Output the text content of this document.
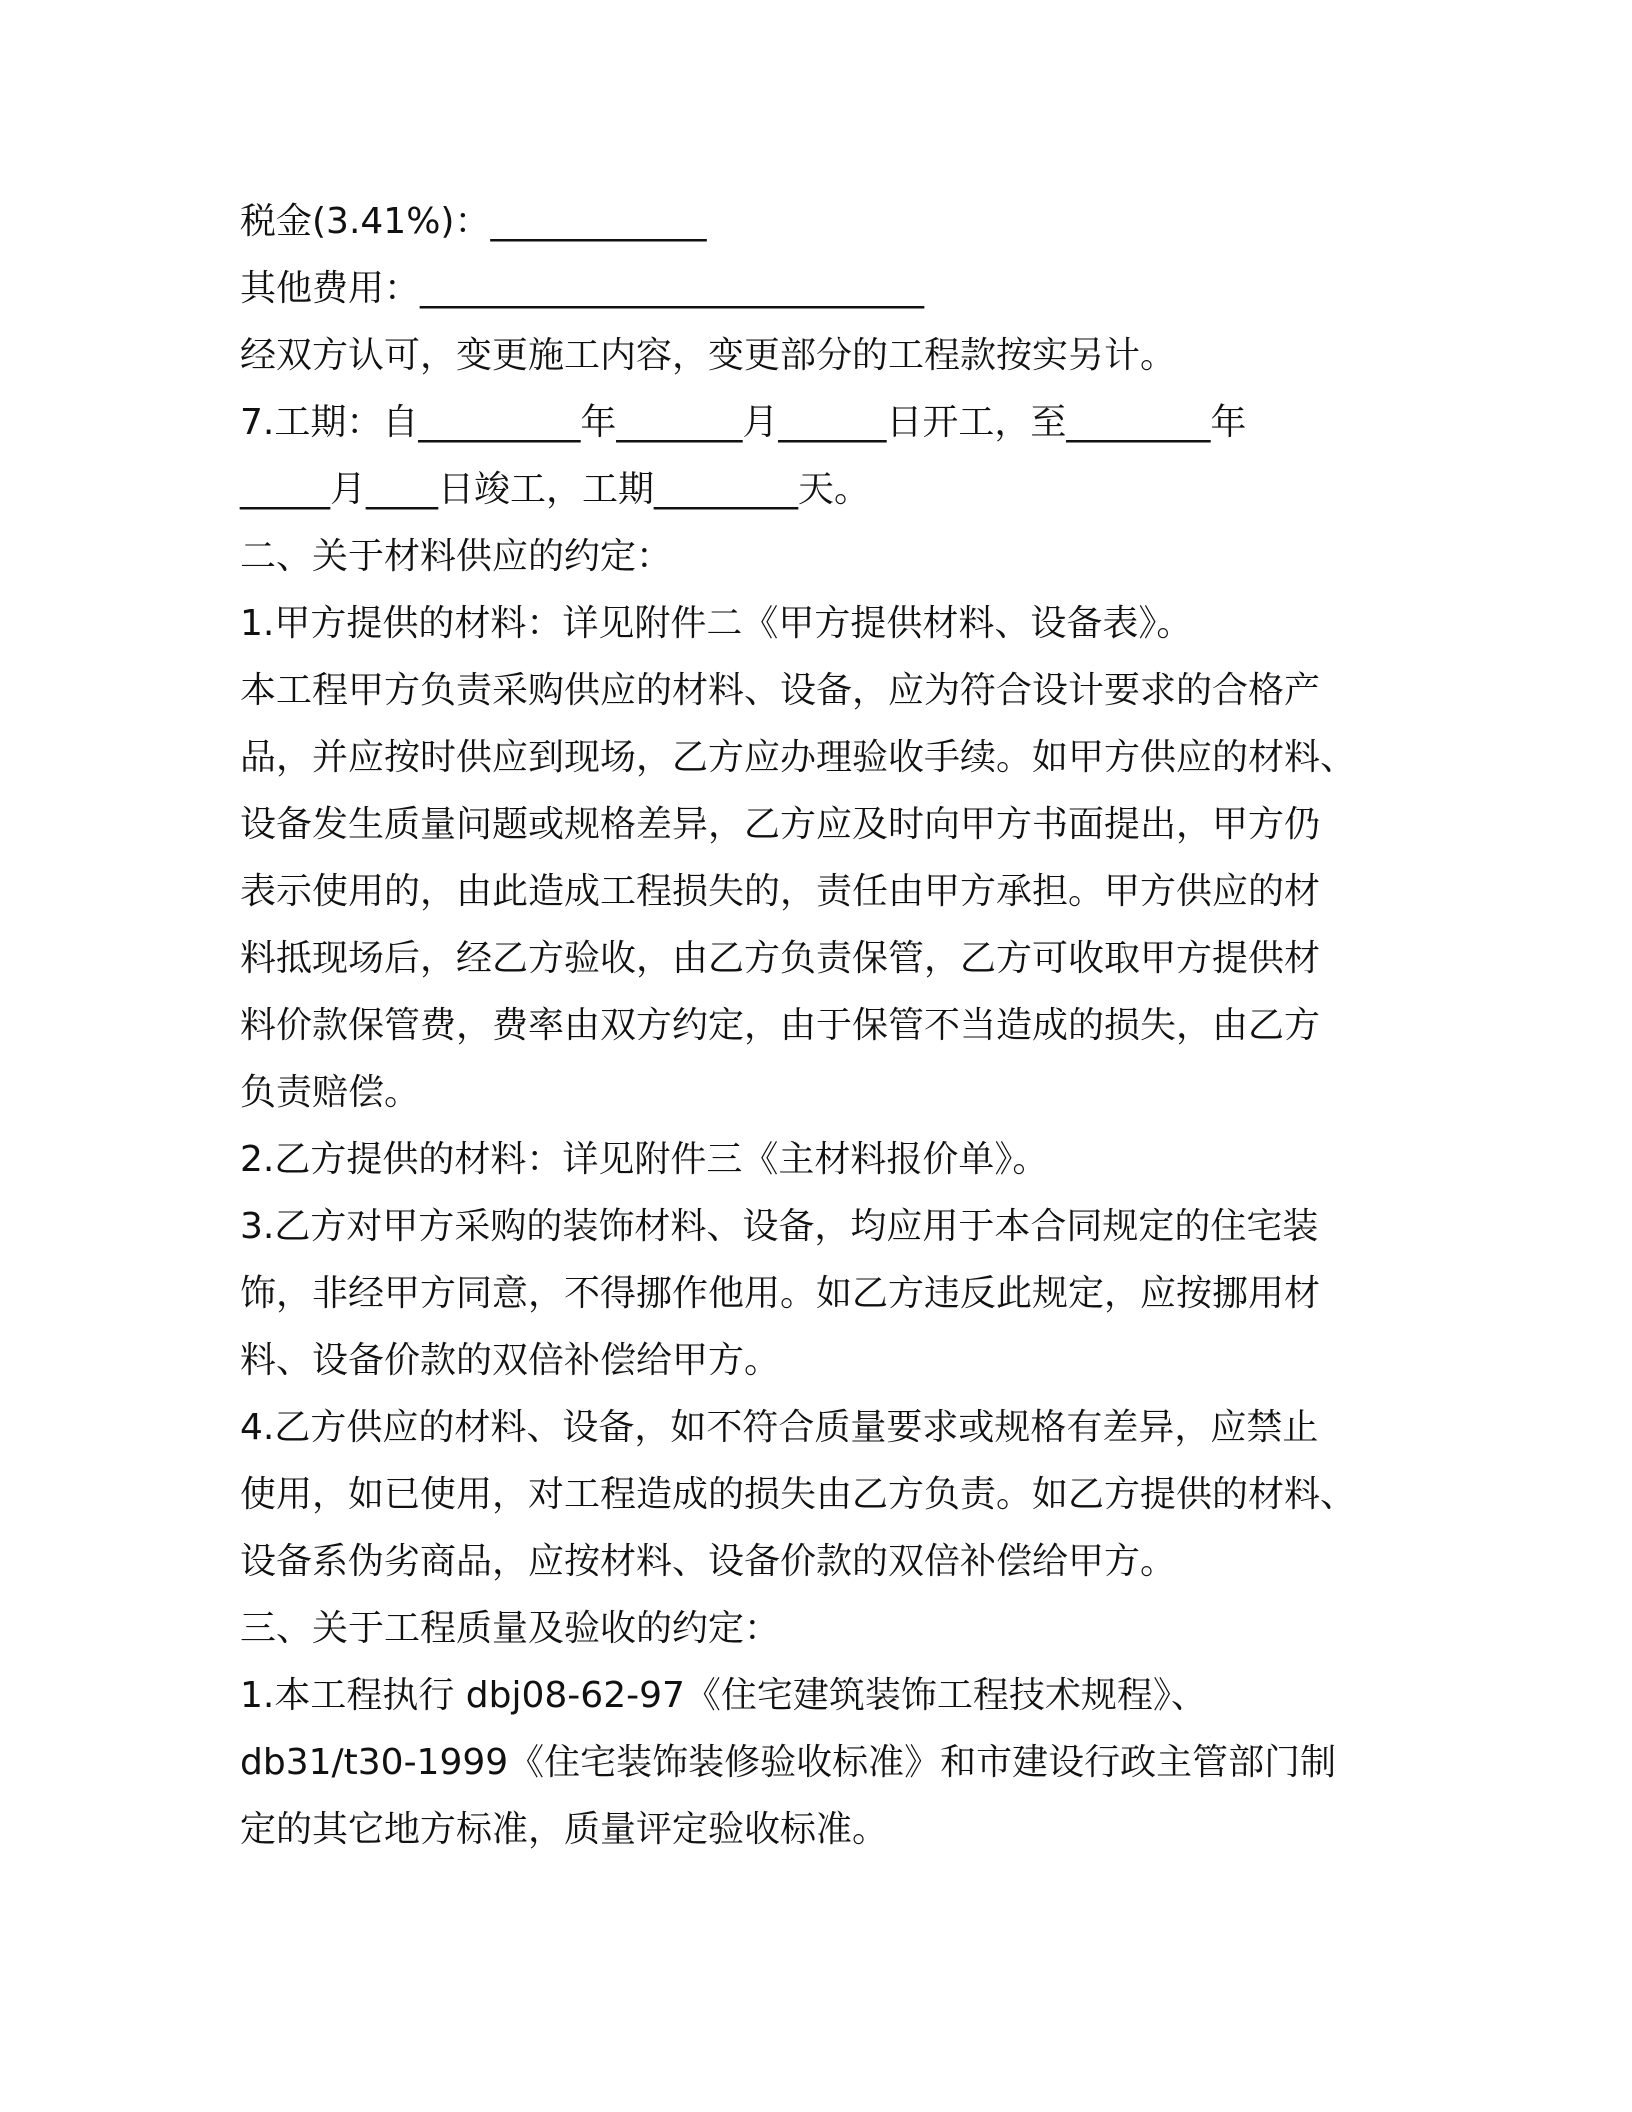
税金(3.41%)：____________
其他费用：____________________________
经双方认可，变更施工内容，变更部分的工程款按实另计。
7.工期：自_________年_______月______日开工，至________年
_____月____日竣工，工期________天。
二、关于材料供应的约定：
1.甲方提供的材料：详见附件二《甲方提供材料、设备表》。
本工程甲方负责采购供应的材料、设备，应为符合设计要求的合格产
品，并应按时供应到现场，乙方应办理验收手续。如甲方供应的材料、
设备发生质量问题或规格差异，乙方应及时向甲方书面提出，甲方仍
表示使用的，由此造成工程损失的，责任由甲方承担。甲方供应的材
料抵现场后，经乙方验收，由乙方负责保管，乙方可收取甲方提供材
料价款保管费，费率由双方约定，由于保管不当造成的损失，由乙方
负责赔偿。
2.乙方提供的材料：详见附件三《主材料报价单》。
3.乙方对甲方采购的装饰材料、设备，均应用于本合同规定的住宅装
饰，非经甲方同意，不得挪作他用。如乙方违反此规定，应按挪用材
料、设备价款的双倍补偿给甲方。
4.乙方供应的材料、设备，如不符合质量要求或规格有差异，应禁止
使用，如已使用，对工程造成的损失由乙方负责。如乙方提供的材料、
设备系伪劣商品，应按材料、设备价款的双倍补偿给甲方。
三、关于工程质量及验收的约定：
1.本工程执行 dbj08-62-97《住宅建筑装饰工程技术规程》、
db31/t30-1999《住宅装饰装修验收标准》和市建设行政主管部门制
定的其它地方标准，质量评定验收标准。
